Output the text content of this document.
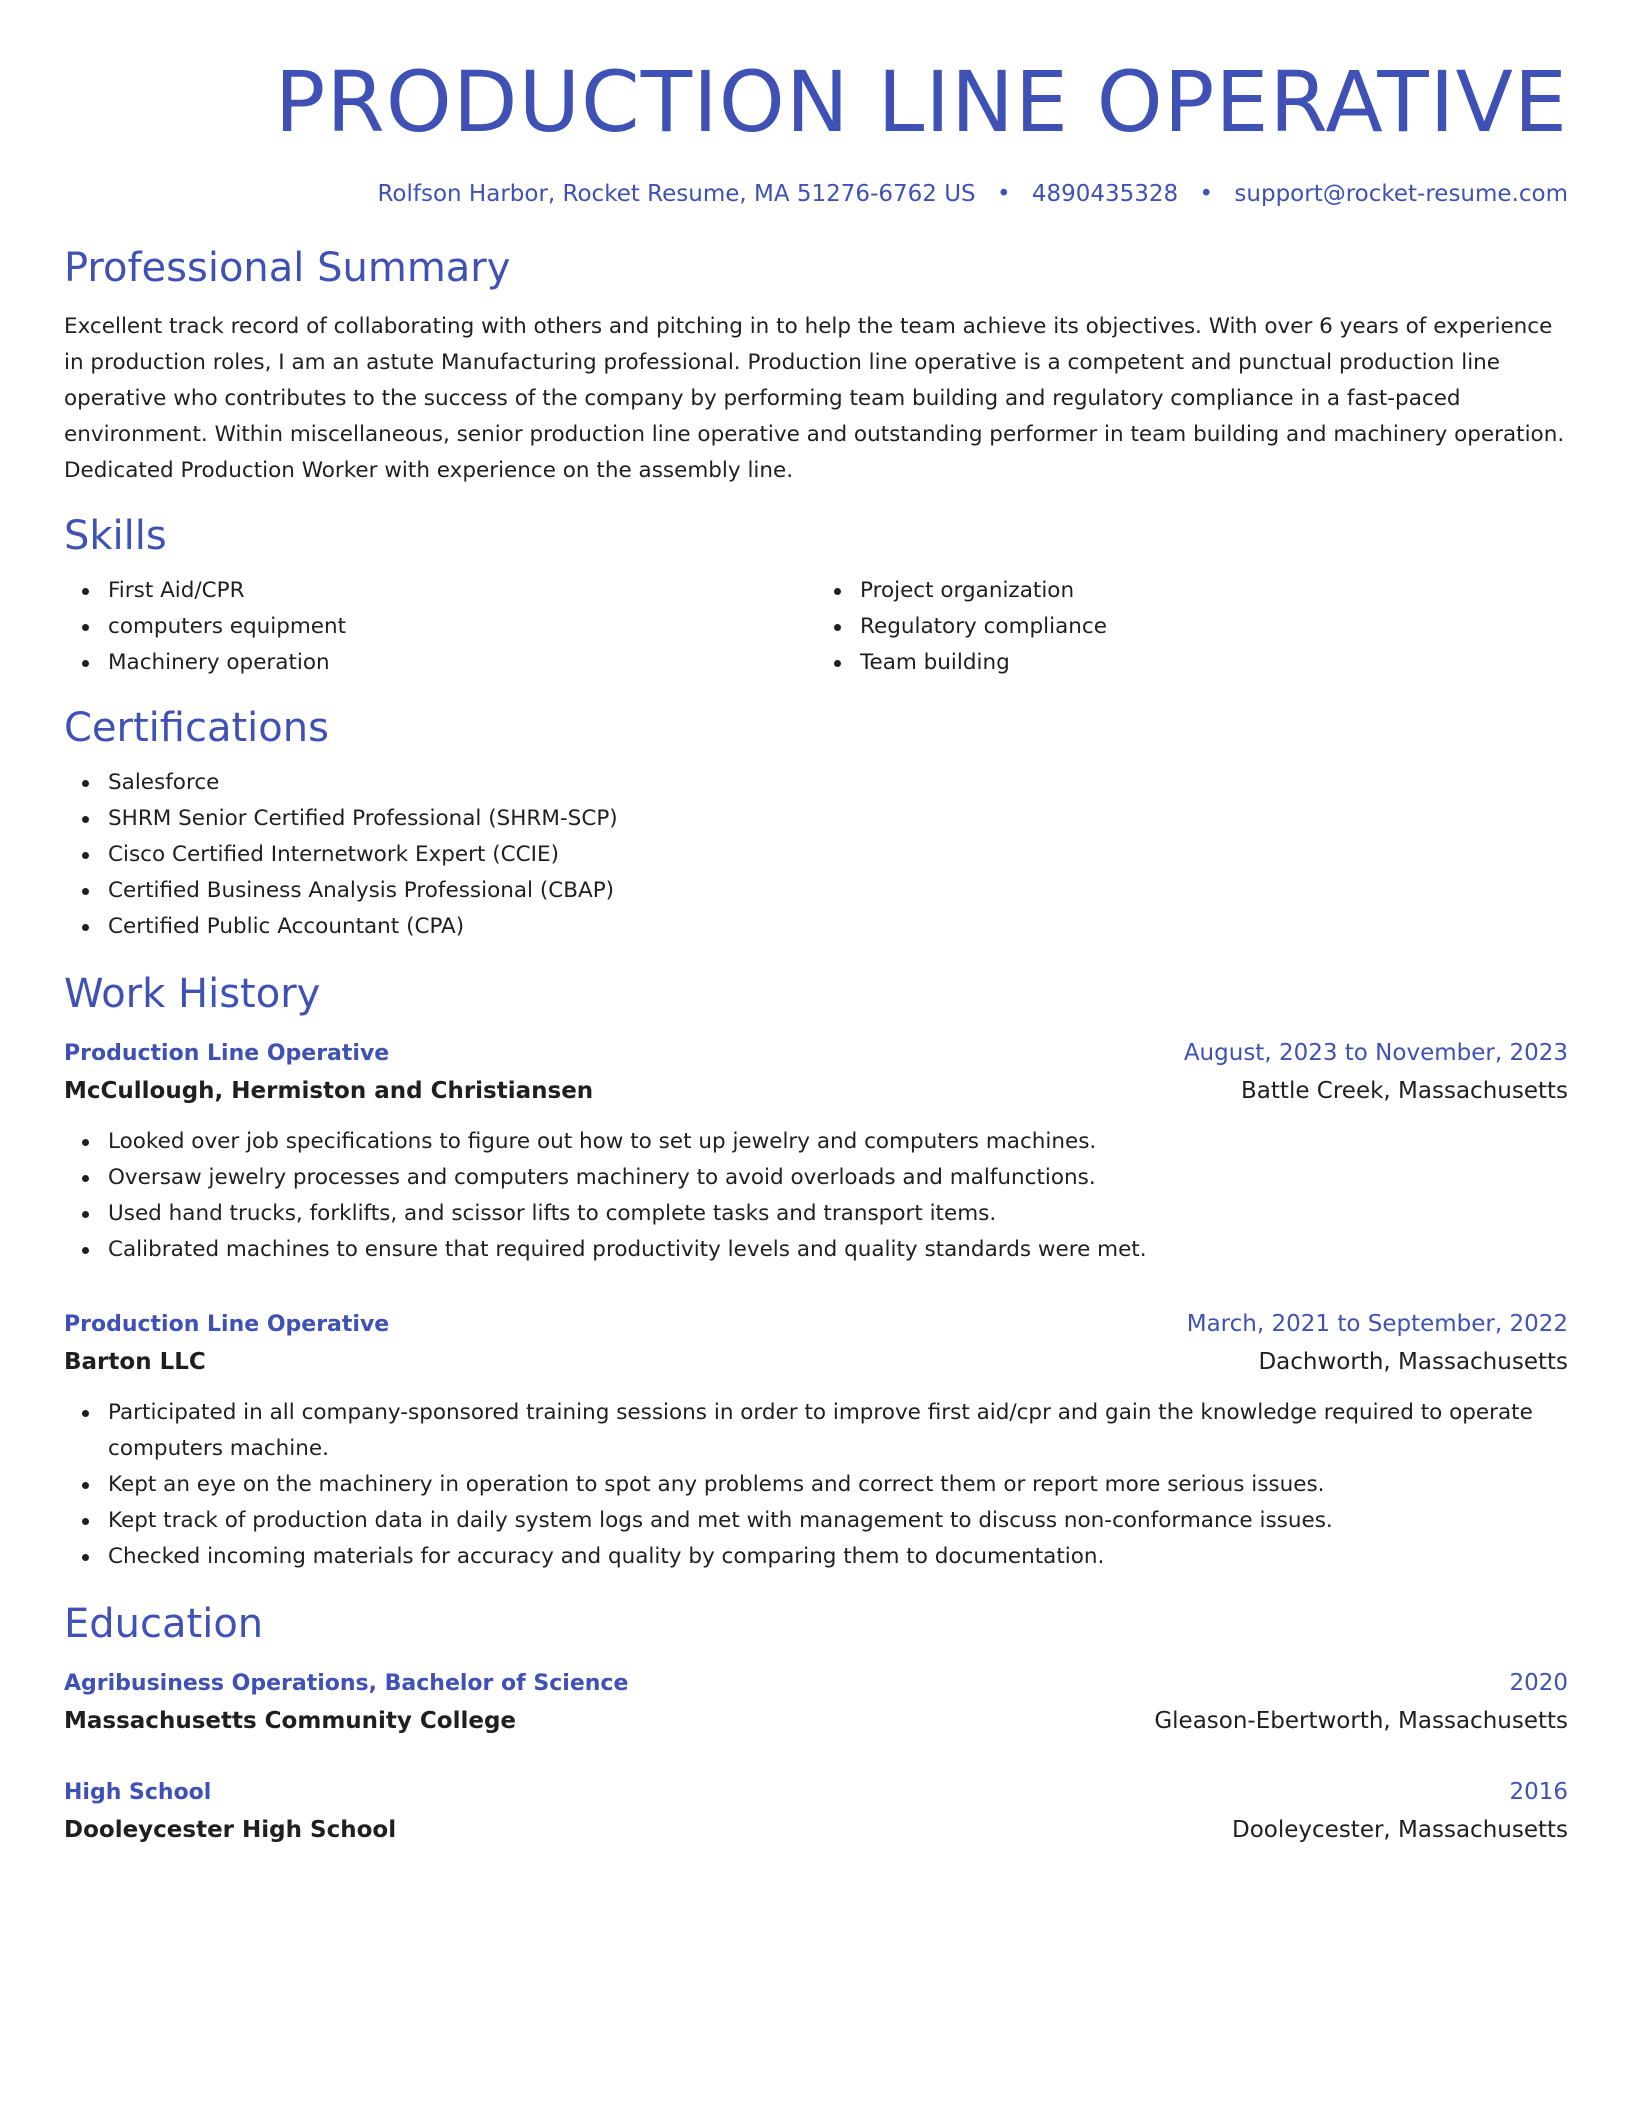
PRODUCTION LINE OPERATIVE
Rolfson Harbor, Rocket Resume, MA 51276-6762 US • 4890435328 • support@rocket-resume.com
Professional Summary
Excellent track record of collaborating with others and pitching in to help the team achieve its objectives. With over 6 years of experience in production roles, I am an astute Manufacturing professional. Production line operative is a competent and punctual production line operative who contributes to the success of the company by performing team building and regulatory compliance in a fast-paced environment. Within miscellaneous, senior production line operative and outstanding performer in team building and machinery operation. Dedicated Production Worker with experience on the assembly line.
Skills
First Aid/CPR
computers equipment
Machinery operation
Project organization
Regulatory compliance
Team building
Certifications
Salesforce
SHRM Senior Certified Professional (SHRM-SCP)
Cisco Certified Internetwork Expert (CCIE)
Certified Business Analysis Professional (CBAP)
Certified Public Accountant (CPA)
Work History
Production Line Operative	August, 2023 to November, 2023
McCullough, Hermiston and Christiansen	Battle Creek, Massachusetts
Looked over job specifications to figure out how to set up jewelry and computers machines.
Oversaw jewelry processes and computers machinery to avoid overloads and malfunctions.
Used hand trucks, forklifts, and scissor lifts to complete tasks and transport items.
Calibrated machines to ensure that required productivity levels and quality standards were met.
Production Line Operative	March, 2021 to September, 2022
Barton LLC	Dachworth, Massachusetts
Participated in all company-sponsored training sessions in order to improve first aid/cpr and gain the knowledge required to operate computers machine.
Kept an eye on the machinery in operation to spot any problems and correct them or report more serious issues.
Kept track of production data in daily system logs and met with management to discuss non-conformance issues.
Checked incoming materials for accuracy and quality by comparing them to documentation.
Education
Agribusiness Operations, Bachelor of Science	2020
Massachusetts Community College	Gleason-Ebertworth, Massachusetts
High School	2016
Dooleycester High School	Dooleycester, Massachusetts
